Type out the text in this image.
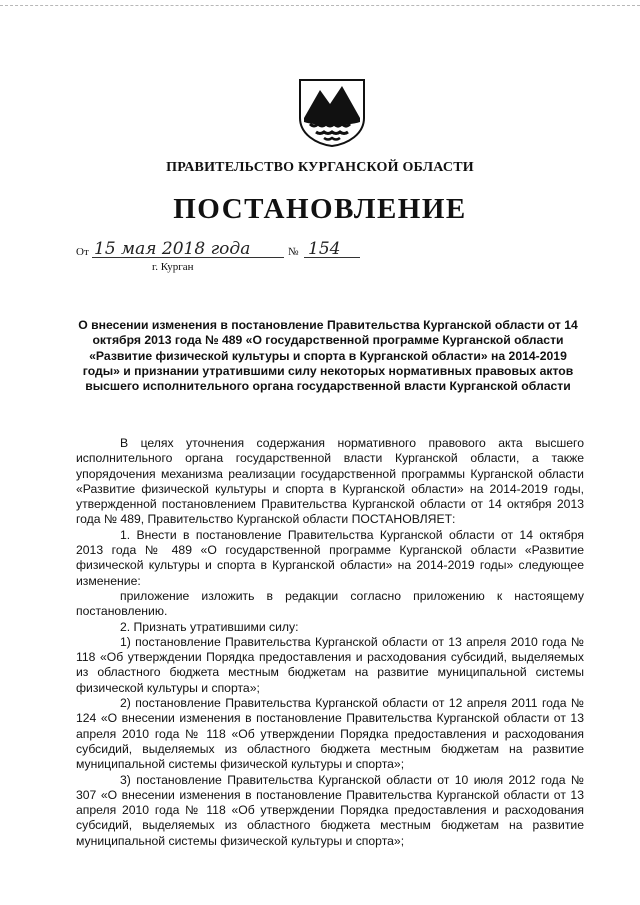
ПРАВИТЕЛЬСТВО КУРГАНСКОЙ ОБЛАСТИ
ПОСТАНОВЛЕНИЕ
От 15 мая 2018 года	№ 154
г. Курган
О внесении изменения в постановление Правительства Курганской области от 14 октября 2013 года № 489 «О государственной программе Курганской области «Развитие физической культуры и спорта в Курганской области» на 2014-2019 годы» и признании утратившими силу некоторых нормативных правовых актов высшего исполнительного органа государственной власти Курганской области

В целях уточнения содержания нормативного правового акта высшего исполнительного органа государственной власти Курганской области, а также упорядочения механизма реализации государственной программы Курганской области «Развитие физической культуры и спорта в Курганской области» на 2014-2019 годы, утвержденной постановлением Правительства Курганской области от 14 октября 2013 года № 489, Правительство Курганской области ПОСТАНОВЛЯЕТ:

1. Внести в постановление Правительства Курганской области от 14 октября 2013 года № 489 «О государственной программе Курганской области «Развитие физической культуры и спорта в Курганской области» на 2014-2019 годы» следующее изменение:

приложение изложить в редакции согласно приложению к настоящему постановлению.

2. Признать утратившими силу:

1) постановление Правительства Курганской области от 13 апреля 2010 года № 118 «Об утверждении Порядка предоставления и расходования субсидий, выделяемых из областного бюджета местным бюджетам на развитие муниципальной системы физической культуры и спорта»;

2) постановление Правительства Курганской области от 12 апреля 2011 года № 124 «О внесении изменения в постановление Правительства Курганской области от 13 апреля 2010 года № 118 «Об утверждении Порядка предоставления и расходования субсидий, выделяемых из областного бюджета местным бюджетам на развитие муниципальной системы физической культуры и спорта»;

3) постановление Правительства Курганской области от 10 июля 2012 года № 307 «О внесении изменения в постановление Правительства Курганской области от 13 апреля 2010 года № 118 «Об утверждении Порядка предоставления и расходования субсидий, выделяемых из областного бюджета местным бюджетам на развитие муниципальной системы физической культуры и спорта»;
